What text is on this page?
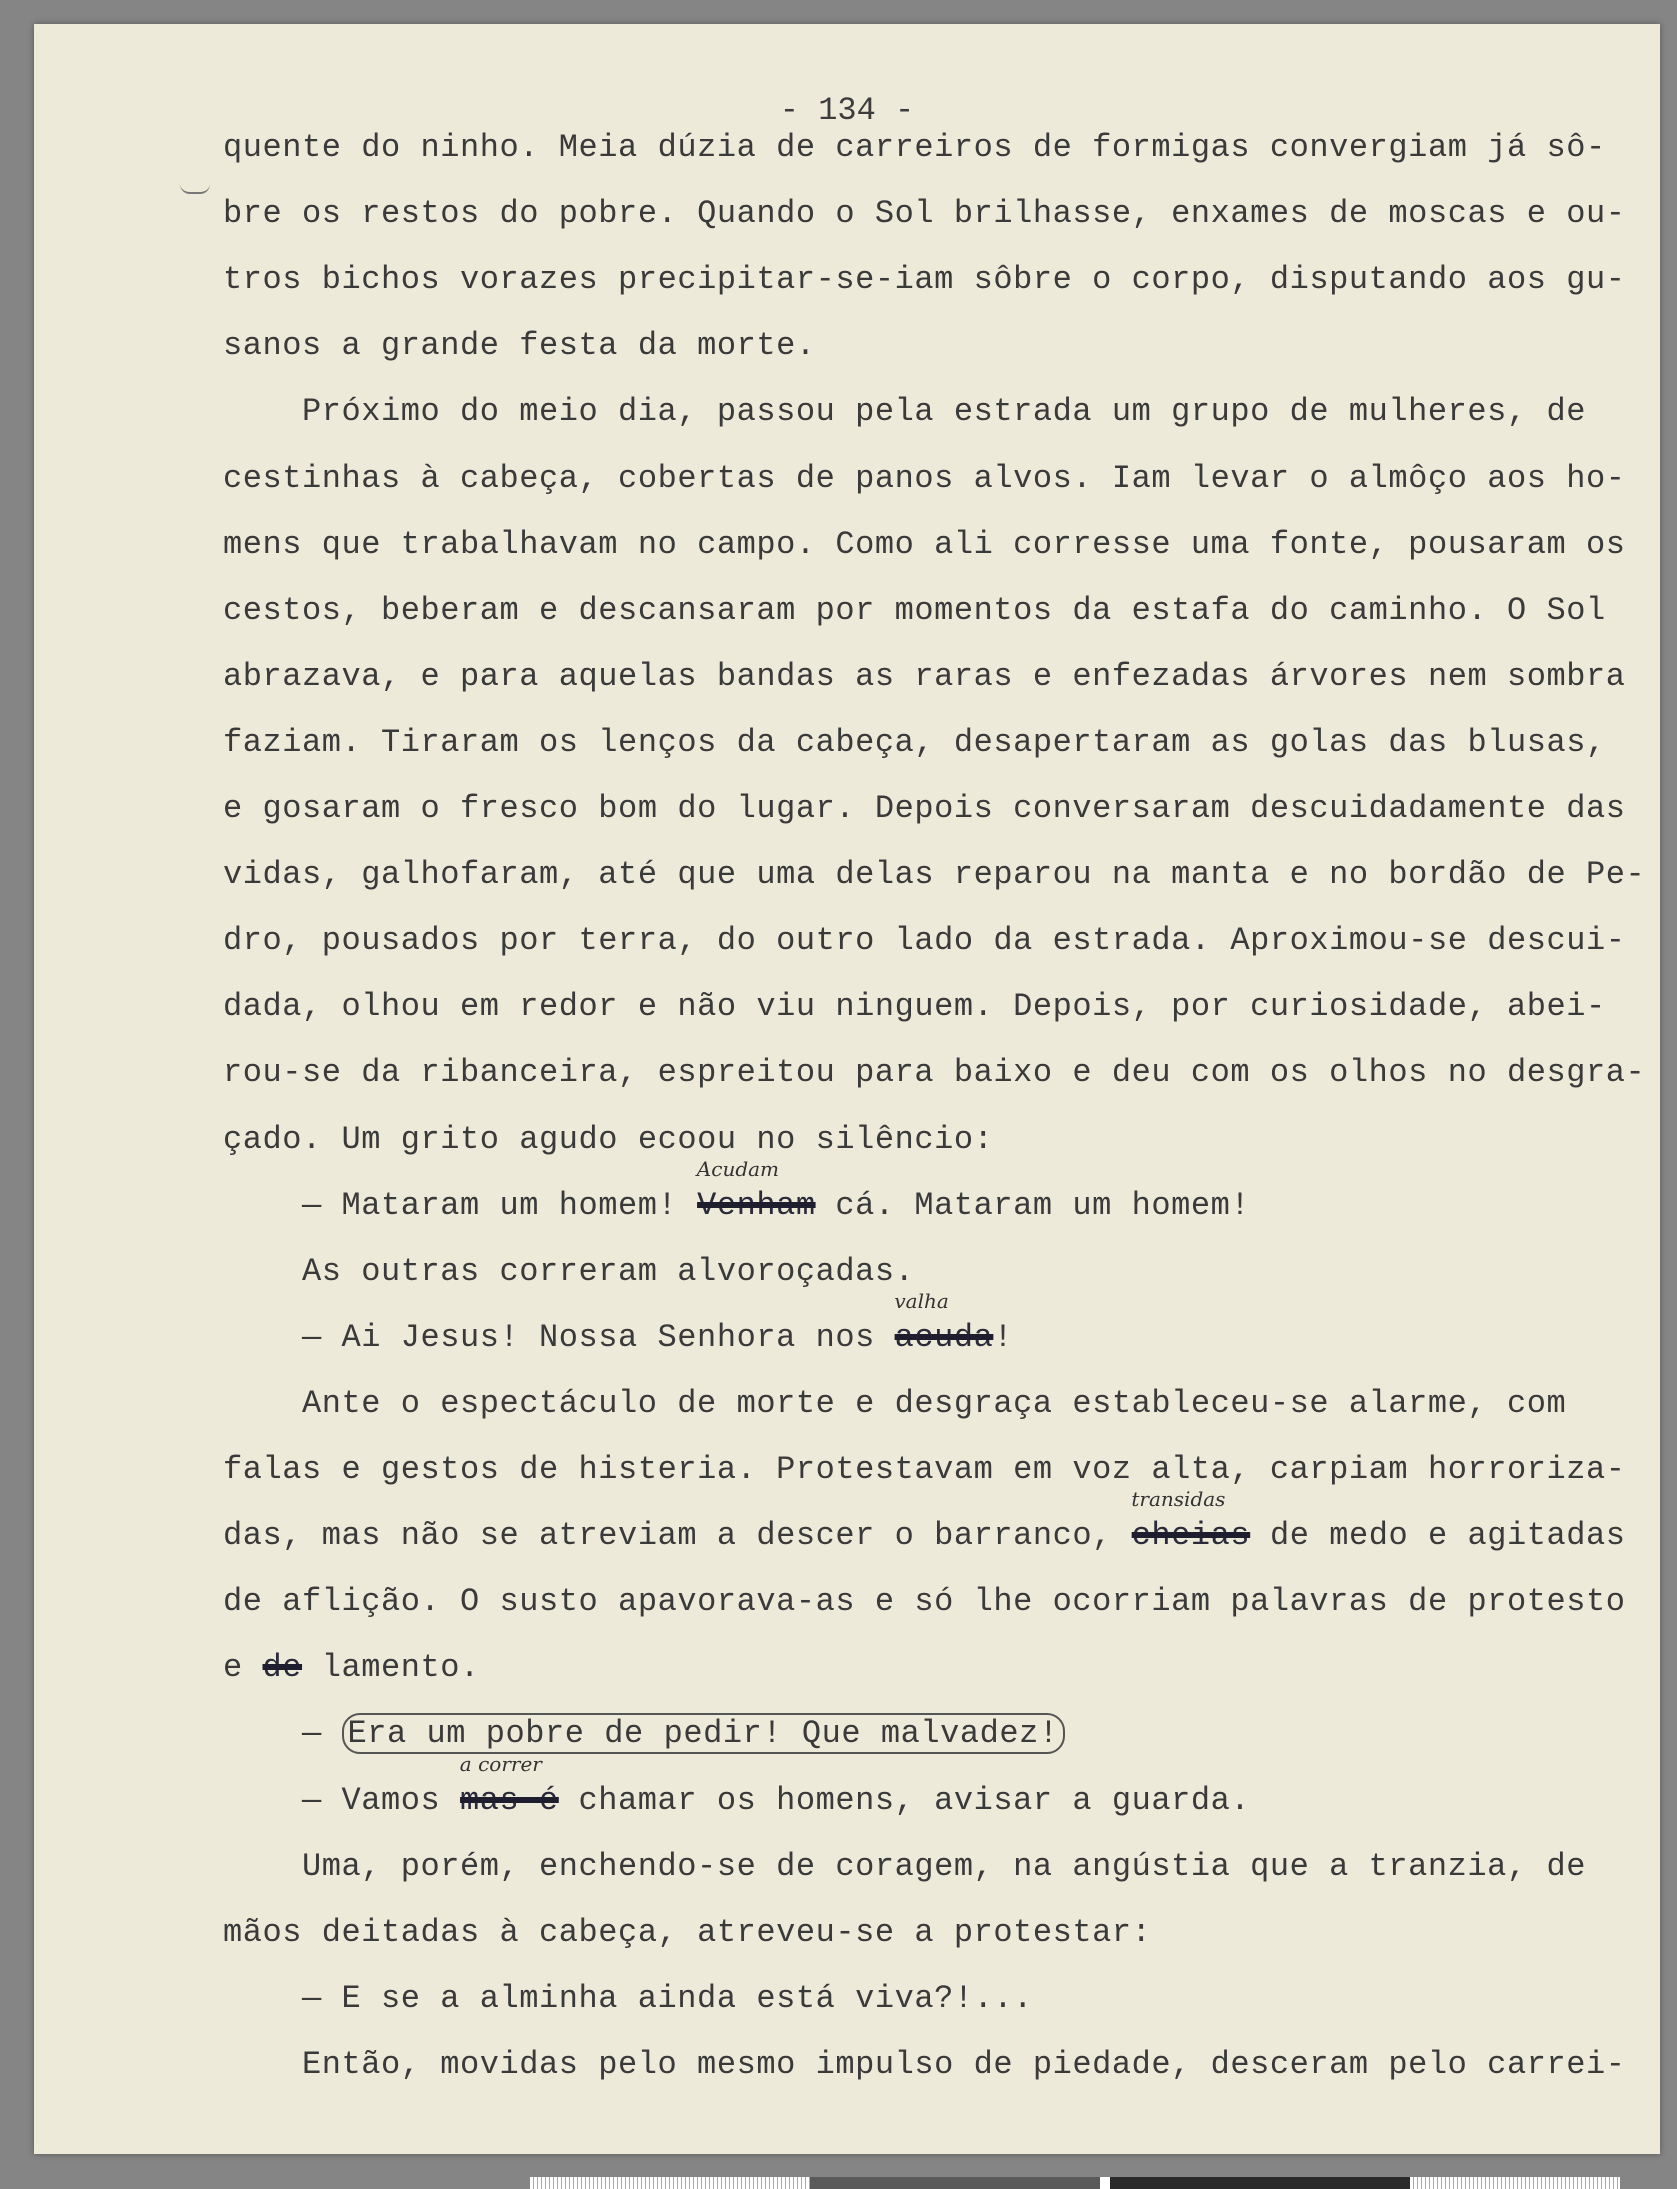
- 134 -
quente do ninho. Meia dúzia de carreiros de formigas convergiam já sô-
bre os restos do pobre. Quando o Sol brilhasse, enxames de moscas e ou-
tros bichos vorazes precipitar-se-iam sôbre o corpo, disputando aos gu-
sanos a grande festa da morte.
Próximo do meio dia, passou pela estrada um grupo de mulheres, de
cestinhas à cabeça, cobertas de panos alvos. Iam levar o almôço aos ho-
mens que trabalhavam no campo. Como ali corresse uma fonte, pousaram os
cestos, beberam e descansaram por momentos da estafa do caminho. O Sol
abrazava, e para aquelas bandas as raras e enfezadas árvores nem sombra
faziam. Tiraram os lenços da cabeça, desapertaram as golas das blusas,
e gosaram o fresco bom do lugar. Depois conversaram descuidadamente das
vidas, galhofaram, até que uma delas reparou na manta e no bordão de Pe-
dro, pousados por terra, do outro lado da estrada. Aproximou-se descui-
dada, olhou em redor e não viu ninguem. Depois, por curiosidade, abei-
rou-se da ribanceira, espreitou para baixo e deu com os olhos no desgra-
çado. Um grito agudo ecoou no silêncio:
— Mataram um homem! Venham
Acudam
cá. Mataram um homem!
As outras correram alvoroçadas.
— Ai Jesus! Nossa Senhora nos acuda
valha
!
Ante o espectáculo de morte e desgraça estableceu-se alarme, com
falas e gestos de histeria. Protestavam em voz alta, carpiam horroriza-
das, mas não se atreviam a descer o barranco, cheias
transidas
de medo e agitadas
de aflição. O susto apavorava-as e só lhe ocorriam palavras de protesto
e de lamento.
— Era um pobre de pedir! Que malvadez!
— Vamos mas é
a correr
chamar os homens, avisar a guarda.
Uma, porém, enchendo-se de coragem, na angústia que a tranzia, de
mãos deitadas à cabeça, atreveu-se a protestar:
— E se a alminha ainda está viva?!...
Então, movidas pelo mesmo impulso de piedade, desceram pelo carrei-
